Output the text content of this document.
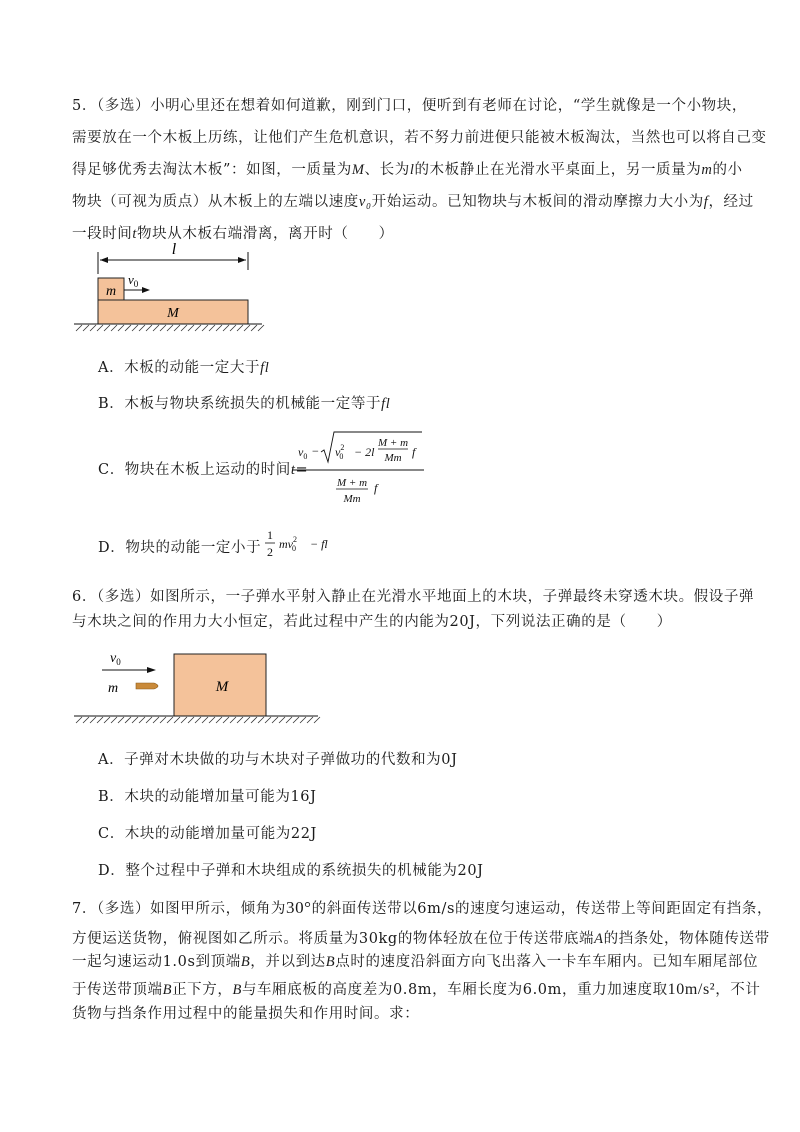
5．（多选）小明心里还在想着如何道歉，刚到门口，便听到有老师在讨论，“学生就像是一个小物块，
需要放在一个木板上历练，让他们产生危机意识，若不努力前进便只能被木板淘汰，当然也可以将自己变
得足够优秀去淘汰木板”：如图，一质量为M、长为l的木板静止在光滑水平桌面上，另一质量为m的小
物块（可视为质点）从木板上的左端以速度v₀开始运动。已知物块与木板间的滑动摩擦力大小为f，经过
一段时间t物块从木板右端滑离，离开时（　　）
l
m
$v_0$
M
A．木板的动能一定大于fl
B．木板与物块系统损失的机械能一定等于fl
C．物块在木板上运动的时间t=
$v_0 - v^2$ 0 − 2l
M + m
Mm f
M + m
Mm
f
D．物块的动能一定小于
1
2
$mv^2$ 0 − fl
6．（多选）如图所示，一子弹水平射入静止在光滑水平地面上的木块，子弹最终未穿透木块。假设子弹
与木块之间的作用力大小恒定，若此过程中产生的内能为20J，下列说法正确的是（　　）
$v_0$
m	M
A．子弹对木块做的功与木块对子弹做功的代数和为0J
B．木块的动能增加量可能为16J
C．木块的动能增加量可能为22J
D．整个过程中子弹和木块组成的系统损失的机械能为20J
7．（多选）如图甲所示，倾角为30°的斜面传送带以6m/s的速度匀速运动，传送带上等间距固定有挡条，
方便运送货物，俯视图如乙所示。将质量为30kg的物体轻放在位于传送带底端A的挡条处，物体随传送带
一起匀速运动1.0s到顶端B，并以到达B点时的速度沿斜面方向飞出落入一卡车车厢内。已知车厢尾部位
于传送带顶端B正下方，B与车厢底板的高度差为0.8m，车厢长度为6.0m，重力加速度取10m/s²，不计
货物与挡条作用过程中的能量损失和作用时间。求：
